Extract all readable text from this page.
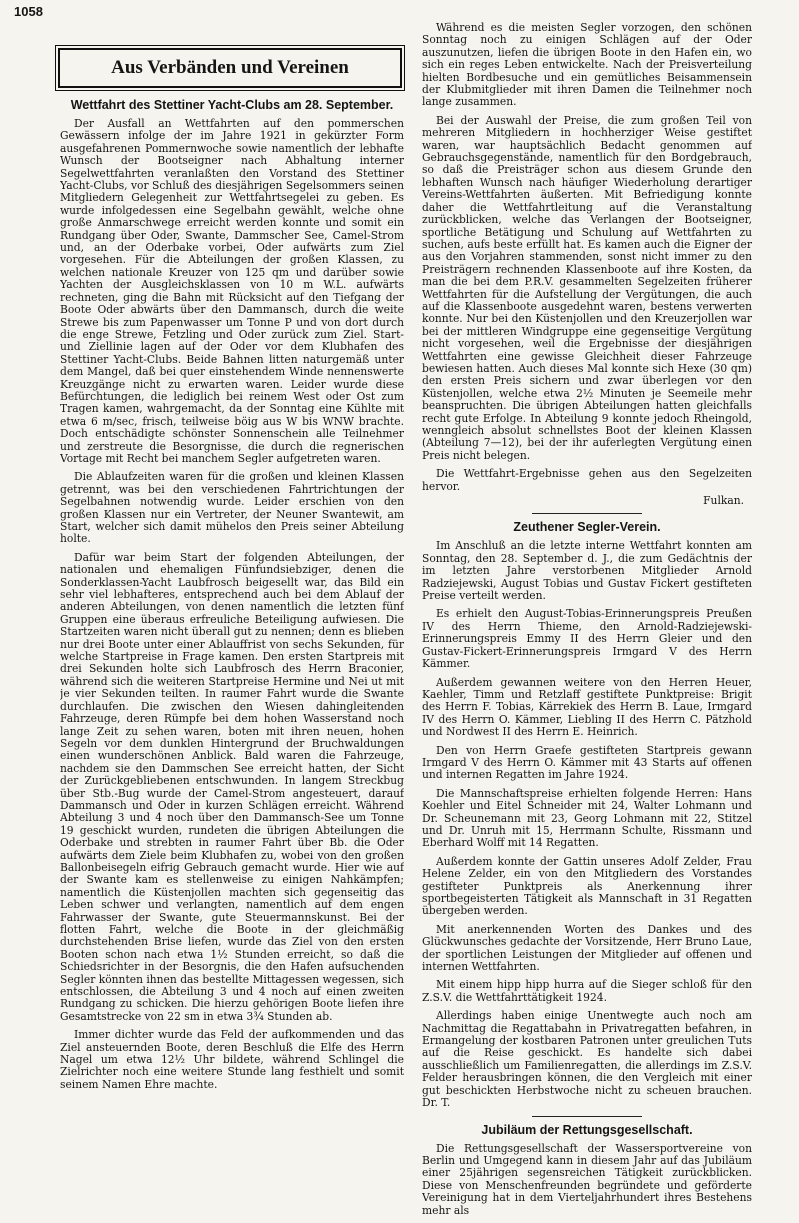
1058
Aus Verbänden und Vereinen
Wettfahrt des Stettiner Yacht-Clubs am 28. September.

Der Ausfall an Wettfahrten auf den pommerschen Gewässern infolge der im Jahre 1921 in gekürzter Form ausgefahrenen Pommernwoche sowie namentlich der lebhafte Wunsch der Bootseigner nach Abhaltung interner Segelwettfahrten veranlaßten den Vorstand des Stettiner Yacht-Clubs, vor Schluß des diesjährigen Segelsommers seinen Mitgliedern Gelegenheit zur Wettfahrtsegelei zu geben. Es wurde infolgedessen eine Segelbahn gewählt, welche ohne große Anmarschwege erreicht werden konnte und somit ein Rundgang über Oder, Swante, Dammscher See, Camel-Strom und, an der Oderbake vorbei, Oder aufwärts zum Ziel vorgesehen. Für die Abteilungen der großen Klassen, zu welchen nationale Kreuzer von 125 qm und darüber sowie Yachten der Ausgleichsklassen von 10 m W.L. aufwärts rechneten, ging die Bahn mit Rücksicht auf den Tiefgang der Boote Oder abwärts über den Dammansch, durch die weite Strewe bis zum Papenwasser um Tonne P und von dort durch die enge Strewe, Fetzling und Oder zurück zum Ziel. Start- und Ziellinie lagen auf der Oder vor dem Klubhafen des Stettiner Yacht-Clubs. Beide Bahnen litten naturgemäß unter dem Mangel, daß bei quer einstehendem Winde nennenswerte Kreuzgänge nicht zu erwarten waren. Leider wurde diese Befürchtungen, die lediglich bei reinem West oder Ost zum Tragen kamen, wahrgemacht, da der Sonntag eine Kühlte mit etwa 6 m/sec, frisch, teilweise böig aus W bis WNW brachte. Doch entschädigte schönster Sonnenschein alle Teilnehmer und zerstreute die Besorgnisse, die durch die regnerischen Vortage mit Recht bei manchem Segler aufgetreten waren.

Die Ablaufzeiten waren für die großen und kleinen Klassen getrennt, was bei den verschiedenen Fahrtrichtungen der Segelbahnen notwendig wurde. Leider erschien von den großen Klassen nur ein Vertreter, der Neuner Swantewit, am Start, welcher sich damit mühelos den Preis seiner Abteilung holte.

Dafür war beim Start der folgenden Abteilungen, der nationalen und ehemaligen Fünfundsiebziger, denen die Sonderklassen-Yacht Laubfrosch beigesellt war, das Bild ein sehr viel lebhafteres, entsprechend auch bei dem Ablauf der anderen Abteilungen, von denen namentlich die letzten fünf Gruppen eine überaus erfreuliche Beteiligung aufwiesen. Die Startzeiten waren nicht überall gut zu nennen; denn es blieben nur drei Boote unter einer Ablauffrist von sechs Sekunden, für welche Startpreise in Frage kamen. Den ersten Startpreis mit drei Sekunden holte sich Laubfrosch des Herrn Braconier, während sich die weiteren Startpreise Hermine und Nei ut mit je vier Sekunden teilten. In raumer Fahrt wurde die Swante durchlaufen. Die zwischen den Wiesen dahingleitenden Fahrzeuge, deren Rümpfe bei dem hohen Wasserstand noch lange Zeit zu sehen waren, boten mit ihren neuen, hohen Segeln vor dem dunklen Hintergrund der Bruchwaldungen einen wunderschönen Anblick. Bald waren die Fahrzeuge, nachdem sie den Dammschen See erreicht hatten, der Sicht der Zurückgebliebenen entschwunden. In langem Streckbug über Stb.-Bug wurde der Camel-Strom angesteuert, darauf Dammansch und Oder in kurzen Schlägen erreicht. Während Abteilung 3 und 4 noch über den Dammansch-See um Tonne 19 geschickt wurden, rundeten die übrigen Abteilungen die Oderbake und strebten in raumer Fahrt über Bb. die Oder aufwärts dem Ziele beim Klubhafen zu, wobei von den großen Ballonbeisegeln eifrig Gebrauch gemacht wurde. Hier wie auf der Swante kam es stellenweise zu einigen Nahkämpfen; namentlich die Küstenjollen machten sich gegenseitig das Leben schwer und verlangten, namentlich auf dem engen Fahrwasser der Swante, gute Steuermannskunst. Bei der flotten Fahrt, welche die Boote in der gleichmäßig durchstehenden Brise liefen, wurde das Ziel von den ersten Booten schon nach etwa 1½ Stunden erreicht, so daß die Schiedsrichter in der Besorgnis, die den Hafen aufsuchenden Segler könnten ihnen das bestellte Mittagessen wegessen, sich entschlossen, die Abteilung 3 und 4 noch auf einen zweiten Rundgang zu schicken. Die hierzu gehörigen Boote liefen ihre Gesamtstrecke von 22 sm in etwa 3¾ Stunden ab.

Immer dichter wurde das Feld der aufkommenden und das Ziel ansteuernden Boote, deren Beschluß die Elfe des Herrn Nagel um etwa 12½ Uhr bildete, während Schlingel die Zielrichter noch eine weitere Stunde lang festhielt und somit seinem Namen Ehre machte.

Während es die meisten Segler vorzogen, den schönen Sonntag noch zu einigen Schlägen auf der Oder auszunutzen, liefen die übrigen Boote in den Hafen ein, wo sich ein reges Leben entwickelte. Nach der Preisverteilung hielten Bordbesuche und ein gemütliches Beisammensein der Klubmitglieder mit ihren Damen die Teilnehmer noch lange zusammen.

Bei der Auswahl der Preise, die zum großen Teil von mehreren Mitgliedern in hochherziger Weise gestiftet waren, war hauptsächlich Bedacht genommen auf Gebrauchsgegenstände, namentlich für den Bordgebrauch, so daß die Preisträger schon aus diesem Grunde den lebhaften Wunsch nach häufiger Wiederholung derartiger Vereins-Wettfahrten äußerten. Mit Befriedigung konnte daher die Wettfahrtleitung auf die Veranstaltung zurückblicken, welche das Verlangen der Bootseigner, sportliche Betätigung und Schulung auf Wettfahrten zu suchen, aufs beste erfüllt hat. Es kamen auch die Eigner der aus den Vorjahren stammenden, sonst nicht immer zu den Preisträgern rechnenden Klassenboote auf ihre Kosten, da man die bei dem P.R.V. gesammelten Segelzeiten früherer Wettfahrten für die Aufstellung der Vergütungen, die auch auf die Klassenboote ausgedehnt waren, bestens verwerten konnte. Nur bei den Küstenjollen und den Kreuzerjollen war bei der mittleren Windgruppe eine gegenseitige Vergütung nicht vorgesehen, weil die Ergebnisse der diesjährigen Wettfahrten eine gewisse Gleichheit dieser Fahrzeuge bewiesen hatten. Auch dieses Mal konnte sich Hexe (30 qm) den ersten Preis sichern und zwar überlegen vor den Küstenjollen, welche etwa 2½ Minuten je Seemeile mehr beanspruchten. Die übrigen Abteilungen hatten gleichfalls recht gute Erfolge. In Abteilung 9 konnte jedoch Rheingold, wenngleich absolut schnellstes Boot der kleinen Klassen (Abteilung 7—12), bei der ihr auferlegten Vergütung einen Preis nicht belegen.

Die Wettfahrt-Ergebnisse gehen aus den Segelzeiten hervor.

Fulkan.
Zeuthener Segler-Verein.

Im Anschluß an die letzte interne Wettfahrt konnten am Sonntag, den 28. September d. J., die zum Gedächtnis der im letzten Jahre verstorbenen Mitglieder Arnold Radziejewski, August Tobias und Gustav Fickert gestifteten Preise verteilt werden.

Es erhielt den August-Tobias-Erinnerungspreis Preußen IV des Herrn Thieme, den Arnold-Radziejewski-Erinnerungspreis Emmy II des Herrn Gleier und den Gustav-Fickert-Erinnerungspreis Irmgard V des Herrn Kämmer.

Außerdem gewannen weitere von den Herren Heuer, Kaehler, Timm und Retzlaff gestiftete Punktpreise: Brigit des Herrn F. Tobias, Kärrekiek des Herrn B. Laue, Irmgard IV des Herrn O. Kämmer, Liebling II des Herrn C. Pätzhold und Nordwest II des Herrn E. Heinrich.

Den von Herrn Graefe gestifteten Startpreis gewann Irmgard V des Herrn O. Kämmer mit 43 Starts auf offenen und internen Regatten im Jahre 1924.

Die Mannschaftspreise erhielten folgende Herren: Hans Koehler und Eitel Schneider mit 24, Walter Lohmann und Dr. Scheunemann mit 23, Georg Lohmann mit 22, Stitzel und Dr. Unruh mit 15, Herrmann Schulte, Rissmann und Eberhard Wolff mit 14 Regatten.

Außerdem konnte der Gattin unseres Adolf Zelder, Frau Helene Zelder, ein von den Mitgliedern des Vorstandes gestifteter Punktpreis als Anerkennung ihrer sportbegeisterten Tätigkeit als Mannschaft in 31 Regatten übergeben werden.

Mit anerkennenden Worten des Dankes und des Glückwunsches gedachte der Vorsitzende, Herr Bruno Laue, der sportlichen Leistungen der Mitglieder auf offenen und internen Wettfahrten.

Mit einem hipp hipp hurra auf die Sieger schloß für den Z.S.V. die Wettfahrttätigkeit 1924.

Allerdings haben einige Unentwegte auch noch am Nachmittag die Regattabahn in Privatregatten befahren, in Ermangelung der kostbaren Patronen unter greulichen Tuts auf die Reise geschickt. Es handelte sich dabei ausschließlich um Familienregatten, die allerdings im Z.S.V. Felder herausbringen können, die den Vergleich mit einer gut beschickten Herbstwoche nicht zu scheuen brauchen. Dr. T.

Jubiläum der Rettungsgesellschaft.

Die Rettungsgesellschaft der Wassersportvereine von Berlin und Umgegend kann in diesem Jahr auf das Jubiläum einer 25jährigen segensreichen Tätigkeit zurückblicken. Diese von Menschenfreunden begründete und geförderte Vereinigung hat in dem Vierteljahrhundert ihres Bestehens mehr als
